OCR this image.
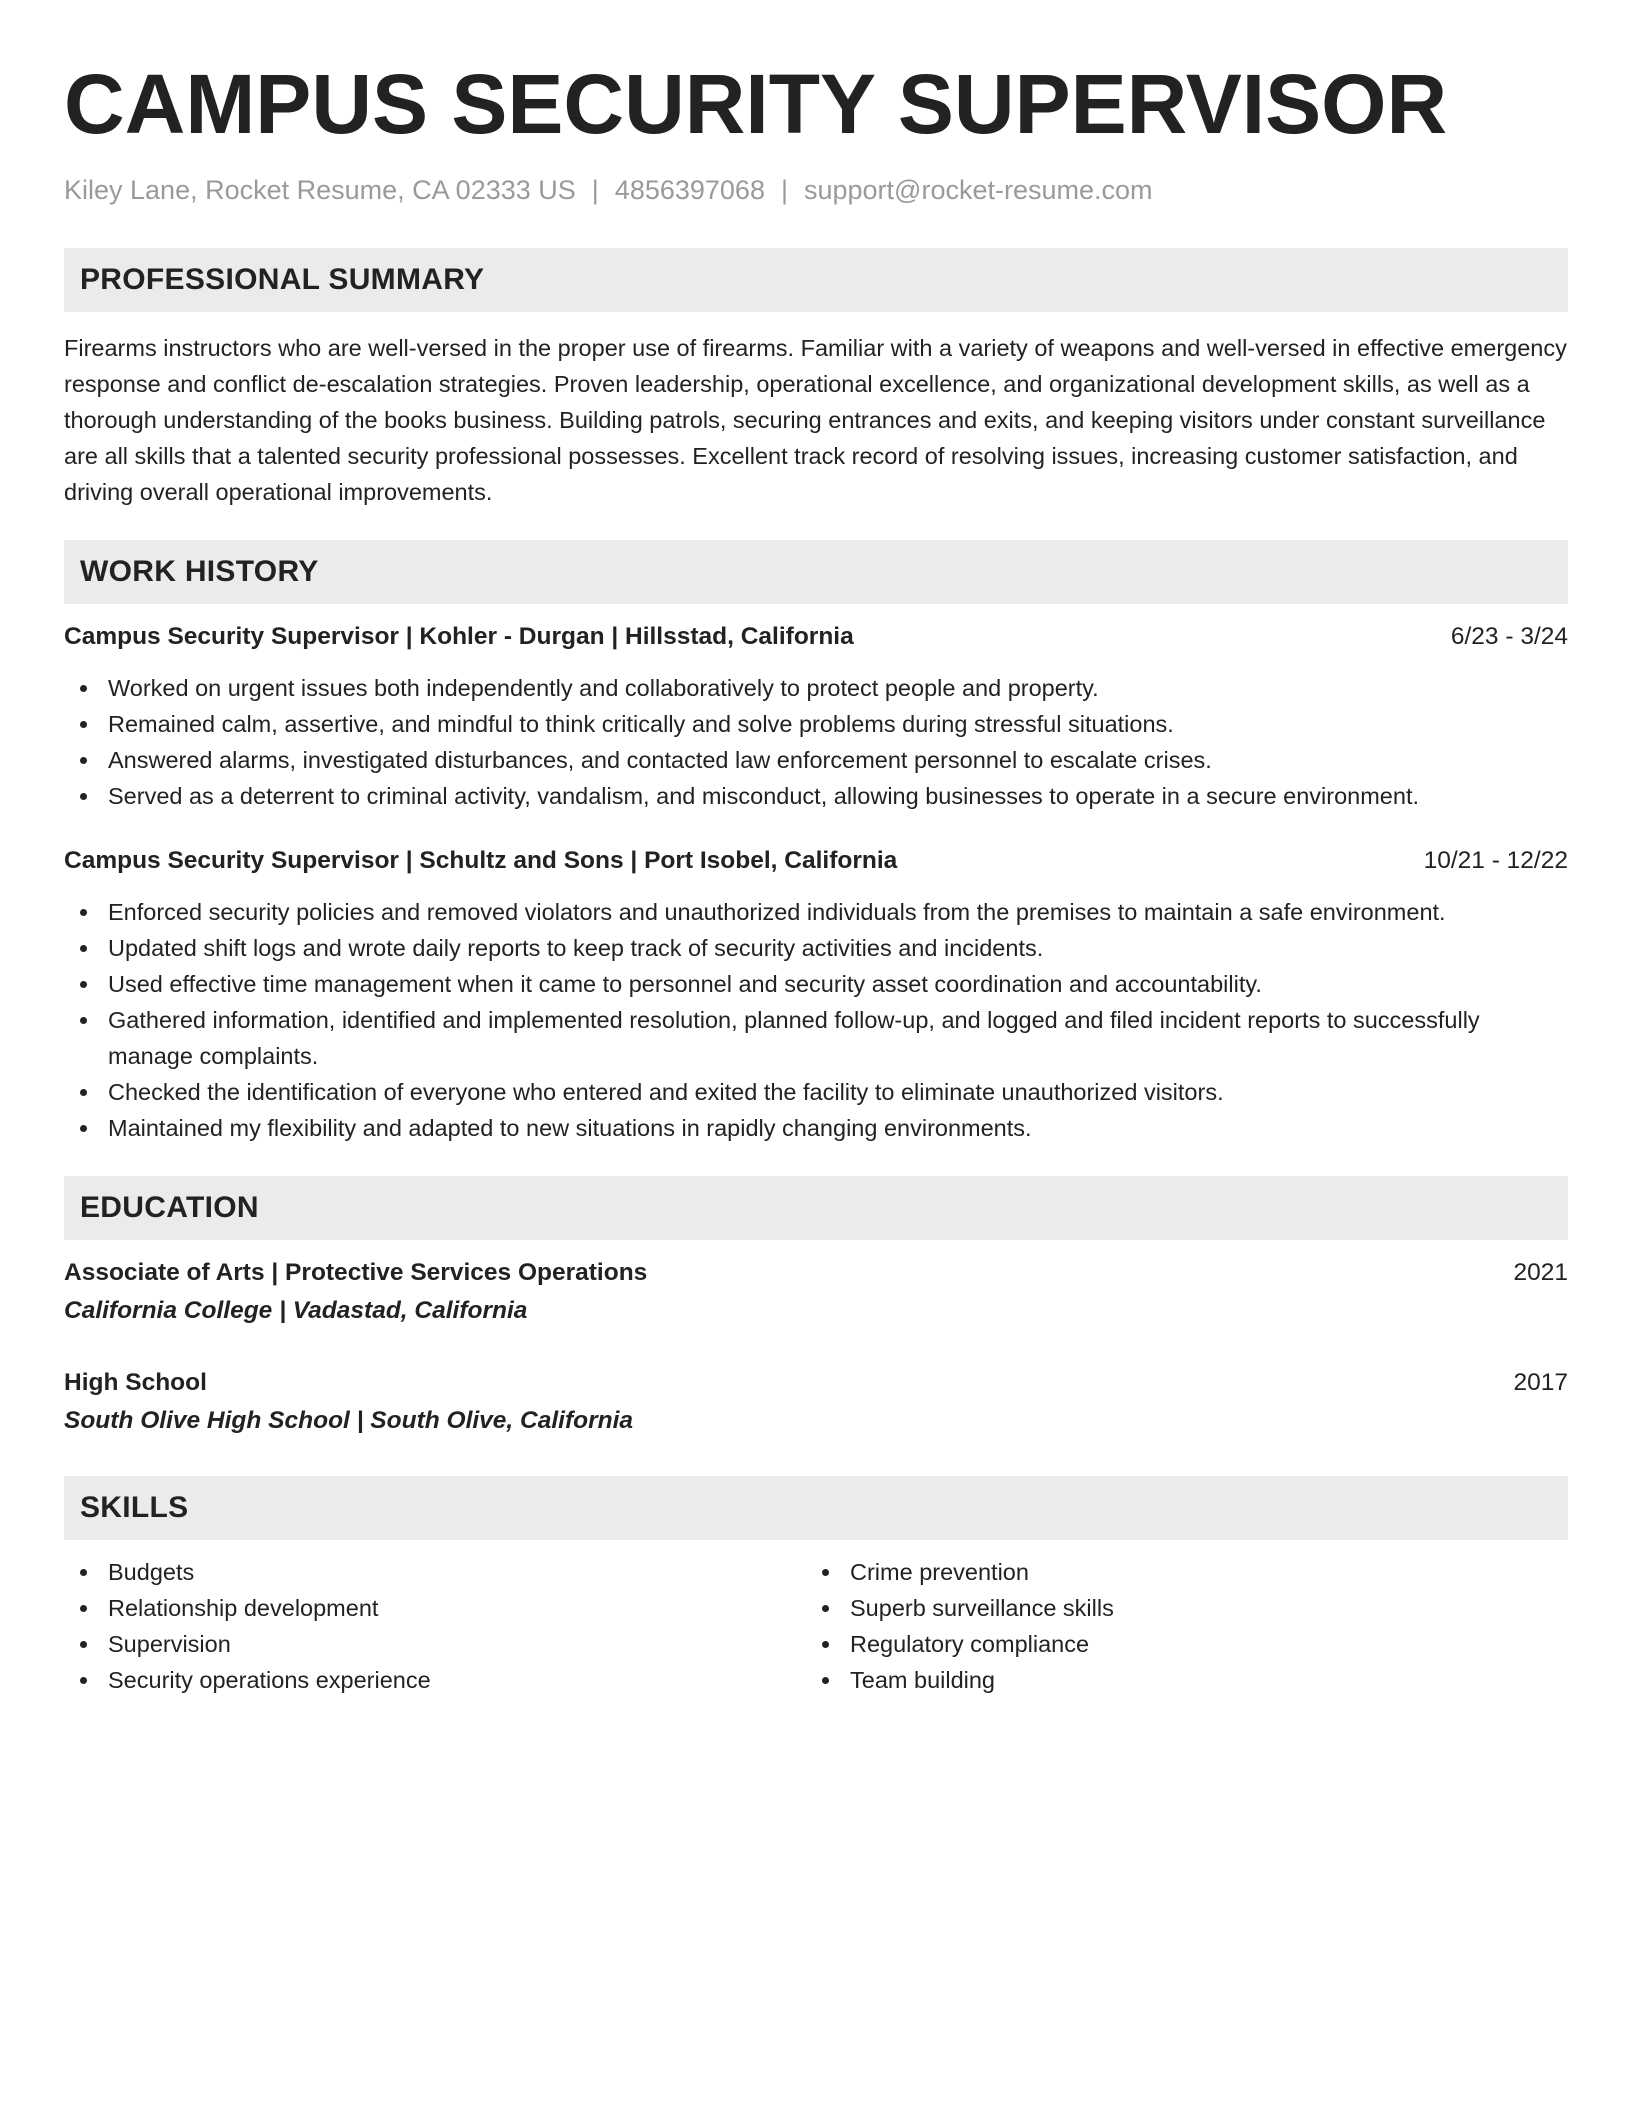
CAMPUS SECURITY SUPERVISOR
Kiley Lane, Rocket Resume, CA 02333 US | 4856397068 | support@rocket-resume.com
PROFESSIONAL SUMMARY

Firearms instructors who are well-versed in the proper use of firearms. Familiar with a variety of weapons and well-versed in effective emergency response and conflict de-escalation strategies. Proven leadership, operational excellence, and organizational development skills, as well as a thorough understanding of the books business. Building patrols, securing entrances and exits, and keeping visitors under constant surveillance are all skills that a talented security professional possesses. Excellent track record of resolving issues, increasing customer satisfaction, and driving overall operational improvements.

WORK HISTORY
Campus Security Supervisor | Kohler - Durgan | Hillsstad, California	6/23 - 3/24
Worked on urgent issues both independently and collaboratively to protect people and property.
Remained calm, assertive, and mindful to think critically and solve problems during stressful situations.
Answered alarms, investigated disturbances, and contacted law enforcement personnel to escalate crises.
Served as a deterrent to criminal activity, vandalism, and misconduct, allowing businesses to operate in a secure environment.
Campus Security Supervisor | Schultz and Sons | Port Isobel, California	10/21 - 12/22
Enforced security policies and removed violators and unauthorized individuals from the premises to maintain a safe environment.
Updated shift logs and wrote daily reports to keep track of security activities and incidents.
Used effective time management when it came to personnel and security asset coordination and accountability.
Gathered information, identified and implemented resolution, planned follow-up, and logged and filed incident reports to successfully manage complaints.
Checked the identification of everyone who entered and exited the facility to eliminate unauthorized visitors.
Maintained my flexibility and adapted to new situations in rapidly changing environments.
EDUCATION
Associate of Arts | Protective Services Operations	2021
California College | Vadastad, California
High School	2017
South Olive High School | South Olive, California
SKILLS
Budgets
Relationship development
Supervision
Security operations experience
Crime prevention
Superb surveillance skills
Regulatory compliance
Team building
